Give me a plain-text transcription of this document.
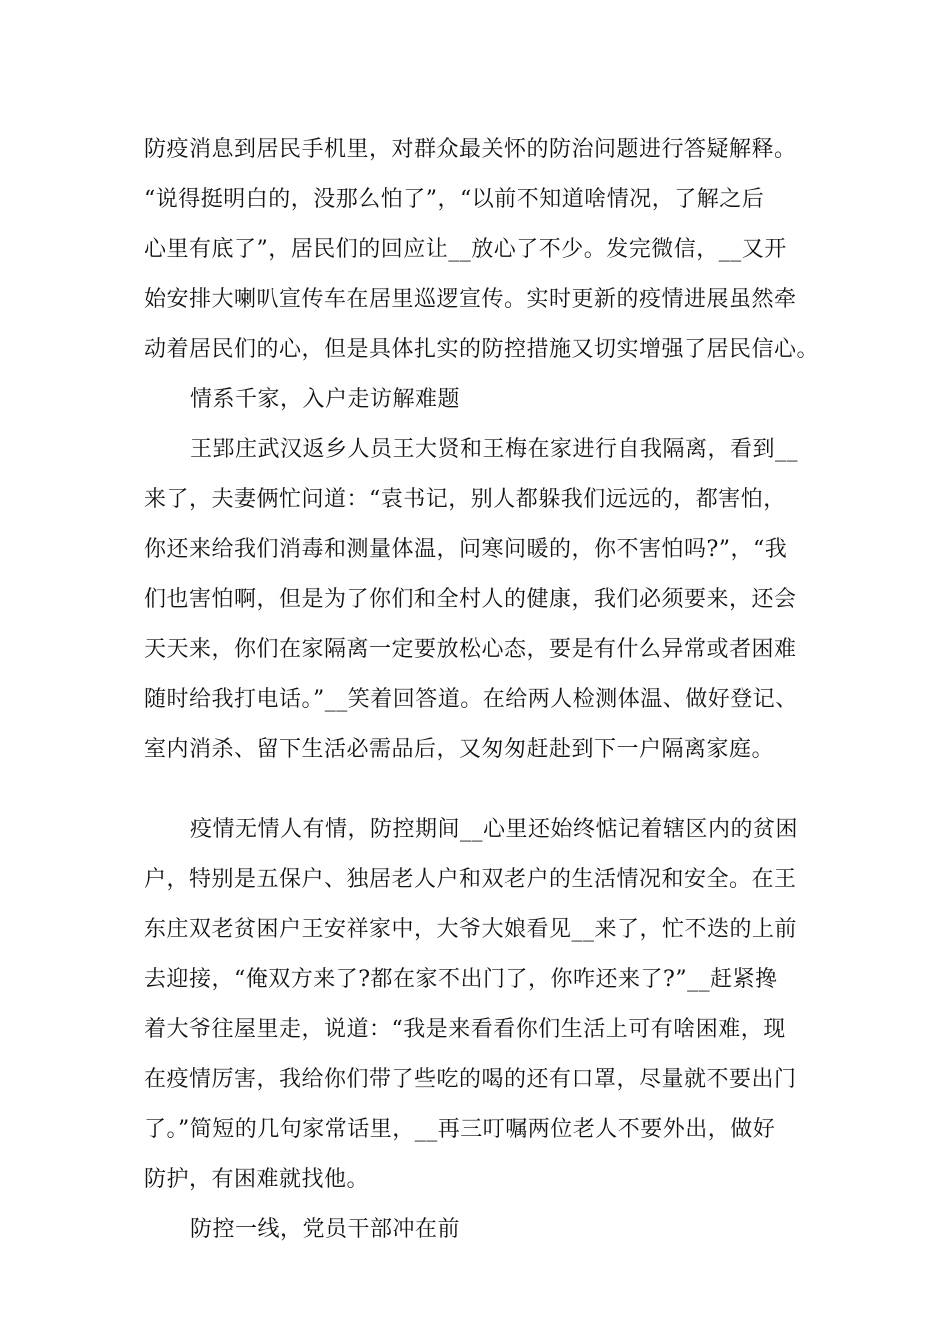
防疫消息到居民手机里，对群众最关怀的防治问题进行答疑解释。

“说得挺明白的，没那么怕了”，“以前不知道啥情况，了解之后

心里有底了”，居民们的回应让__放心了不少。发完微信，__又开

始安排大喇叭宣传车在居里巡逻宣传。实时更新的疫情进展虽然牵

动着居民们的心，但是具体扎实的防控措施又切实增强了居民信心。

情系千家，入户走访解难题

王郢庄武汉返乡人员王大贤和王梅在家进行自我隔离，看到__

来了，夫妻俩忙问道：“袁书记，别人都躲我们远远的，都害怕，

你还来给我们消毒和测量体温，问寒问暖的，你不害怕吗?”，“我

们也害怕啊，但是为了你们和全村人的健康，我们必须要来，还会

天天来，你们在家隔离一定要放松心态，要是有什么异常或者困难

随时给我打电话。”__笑着回答道。在给两人检测体温、做好登记、

室内消杀、留下生活必需品后，又匆匆赶赴到下一户隔离家庭。

疫情无情人有情，防控期间__心里还始终惦记着辖区内的贫困

户，特别是五保户、独居老人户和双老户的生活情况和安全。在王

东庄双老贫困户王安祥家中，大爷大娘看见__来了，忙不迭的上前

去迎接，“俺双方来了?都在家不出门了，你咋还来了?”__赶紧搀

着大爷往屋里走，说道：“我是来看看你们生活上可有啥困难，现

在疫情厉害，我给你们带了些吃的喝的还有口罩，尽量就不要出门

了。”简短的几句家常话里，__再三叮嘱两位老人不要外出，做好

防护，有困难就找他。

防控一线，党员干部冲在前
